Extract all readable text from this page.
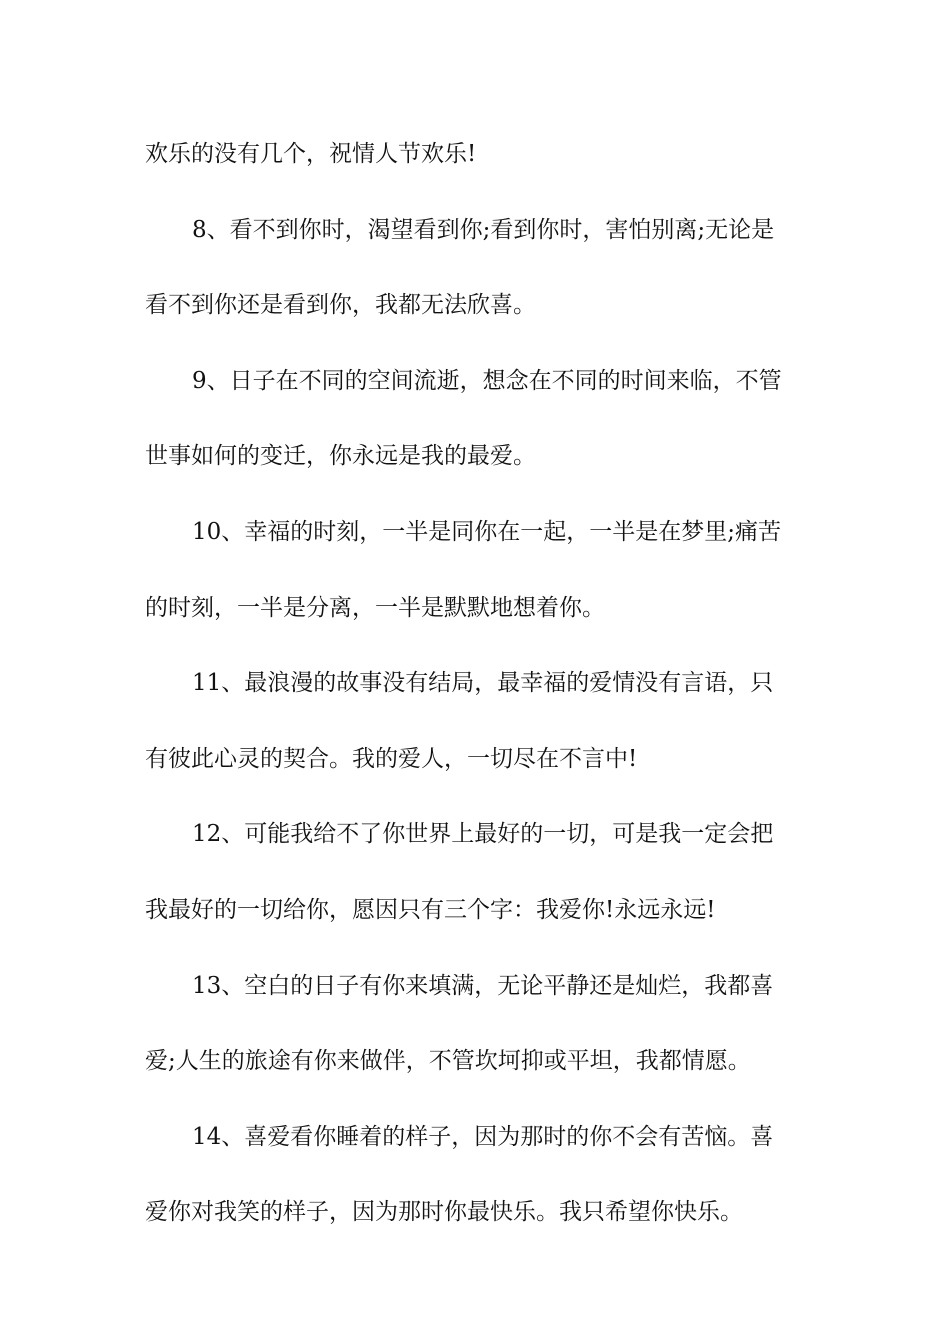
欢乐的没有几个，祝情人节欢乐!
8、看不到你时，渴望看到你;看到你时，害怕别离;无论是
看不到你还是看到你，我都无法欣喜。
9、日子在不同的空间流逝，想念在不同的时间来临，不管
世事如何的变迁，你永远是我的最爱。
10、幸福的时刻，一半是同你在一起，一半是在梦里;痛苦
的时刻，一半是分离，一半是默默地想着你。
11、最浪漫的故事没有结局，最幸福的爱情没有言语，只
有彼此心灵的契合。我的爱人，一切尽在不言中!
12、可能我给不了你世界上最好的一切，可是我一定会把
我最好的一切给你，愿因只有三个字：我爱你!永远永远!
13、空白的日子有你来填满，无论平静还是灿烂，我都喜
爱;人生的旅途有你来做伴，不管坎坷抑或平坦，我都情愿。
14、喜爱看你睡着的样子，因为那时的你不会有苦恼。喜
爱你对我笑的样子，因为那时你最快乐。我只希望你快乐。
